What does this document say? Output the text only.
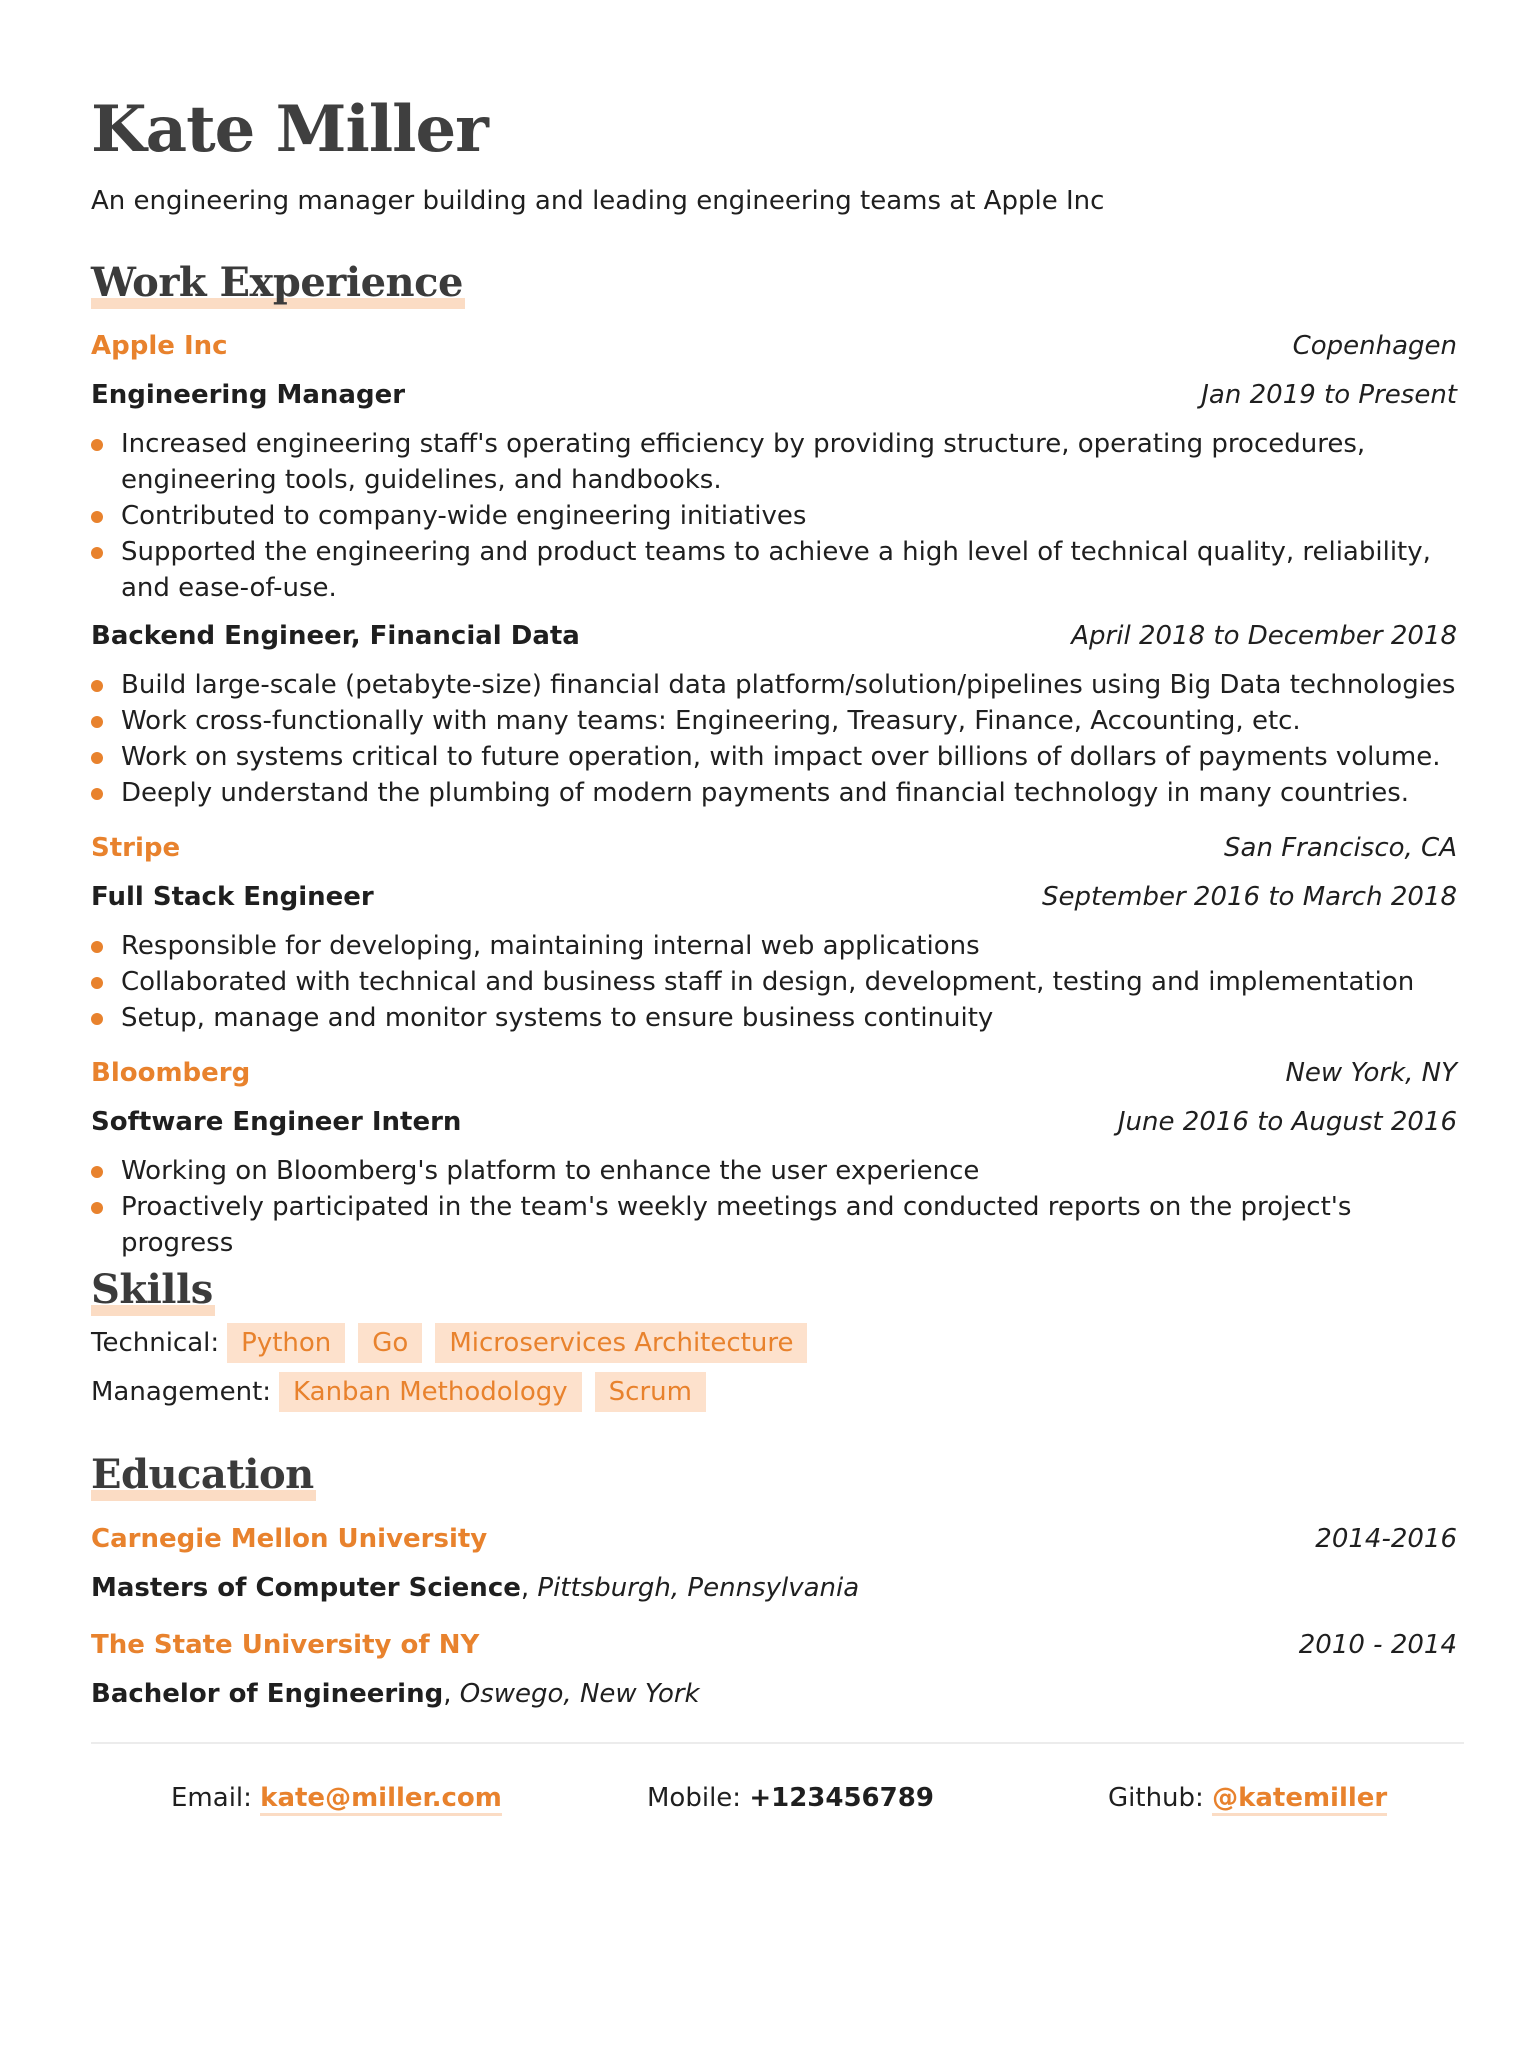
Kate Miller
An engineering manager building and leading engineering teams at Apple Inc
Work Experience
Apple Inc	Copenhagen
Engineering Manager	Jan 2019 to Present
Increased engineering staff's operating efficiency by providing structure, operating procedures, engineering tools, guidelines, and handbooks.
Contributed to company-wide engineering initiatives
Supported the engineering and product teams to achieve a high level of technical quality, reliability, and ease-of-use.
Backend Engineer, Financial Data	April 2018 to December 2018
Build large-scale (petabyte-size) financial data platform/solution/pipelines using Big Data technologies
Work cross-functionally with many teams: Engineering, Treasury, Finance, Accounting, etc.
Work on systems critical to future operation, with impact over billions of dollars of payments volume.
Deeply understand the plumbing of modern payments and financial technology in many countries.
Stripe	San Francisco, CA
Full Stack Engineer	September 2016 to March 2018
Responsible for developing, maintaining internal web applications
Collaborated with technical and business staff in design, development, testing and implementation
Setup, manage and monitor systems to ensure business continuity
Bloomberg	New York, NY
Software Engineer Intern	June 2016 to August 2016
Working on Bloomberg's platform to enhance the user experience
Proactively participated in the team's weekly meetings and conducted reports on the project's progress
Skills
Technical: Python Go Microservices Architecture
Management: Kanban Methodology Scrum
Education
Carnegie Mellon University	2014-2016
Masters of Computer Science, Pittsburgh, Pennsylvania
The State University of NY	2010 - 2014
Bachelor of Engineering, Oswego, New York
Email: kate@miller.com	Mobile: +123456789	Github: @katemiller
